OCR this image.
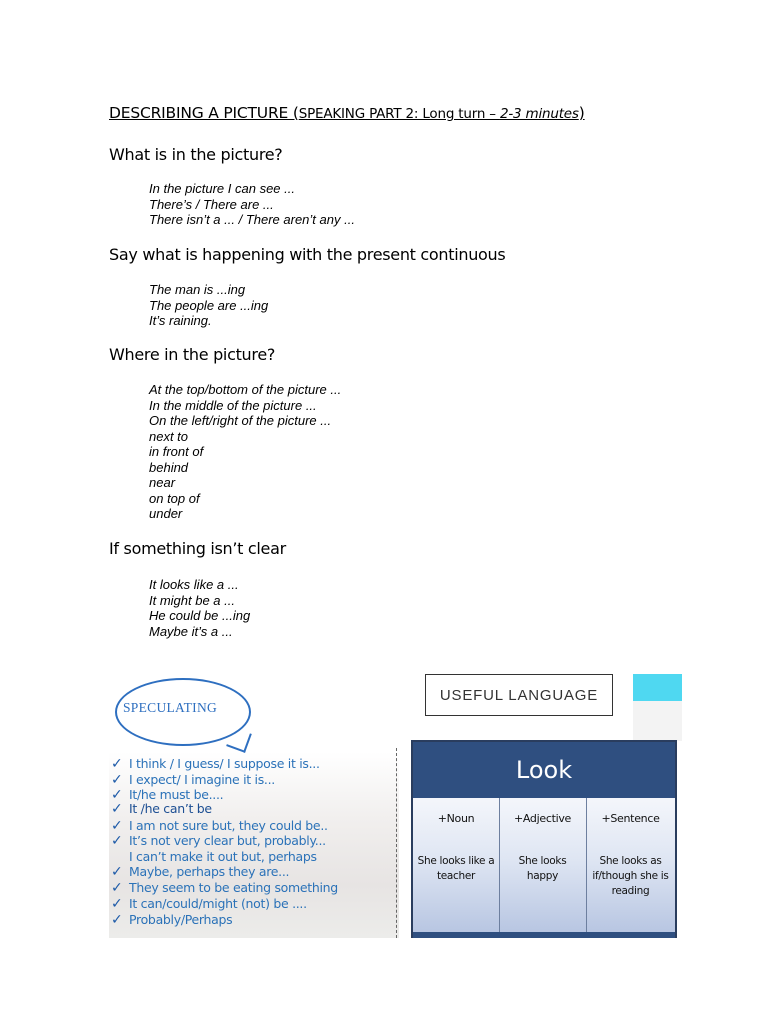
DESCRIBING A PICTURE (SPEAKING PART 2: Long turn – 2-3 minutes)
What is in the picture?
In the picture I can see ...
There’s / There are ...
There isn’t a ... / There aren’t any ...
Say what is happening with the present continuous
The man is ...ing
The people are ...ing
It’s raining.
Where in the picture?
At the top/bottom of the picture ...
In the middle of the picture ...
On the left/right of the picture ...
next to
in front of
behind
near
on top of
under
If something isn’t clear
It looks like a ...
It might be a ...
He could be ...ing
Maybe it’s a ...
SPECULATING
✓ I think / I guess/ I suppose it is...
✓ I expect/ I imagine it is...
✓ It/he must be....
✓ It /he can’t be
✓ I am not sure but, they could be..
✓ It’s not very clear but, probably...
I can’t make it out but, perhaps
✓ Maybe, perhaps they are...
✓ They seem to be eating something
✓ It can/could/might (not) be ....
✓ Probably/Perhaps
USEFUL LANGUAGE
Look
+Noun
She looks like a teacher
+Adjective
She looks happy
+Sentence
She looks as if/though she is reading
